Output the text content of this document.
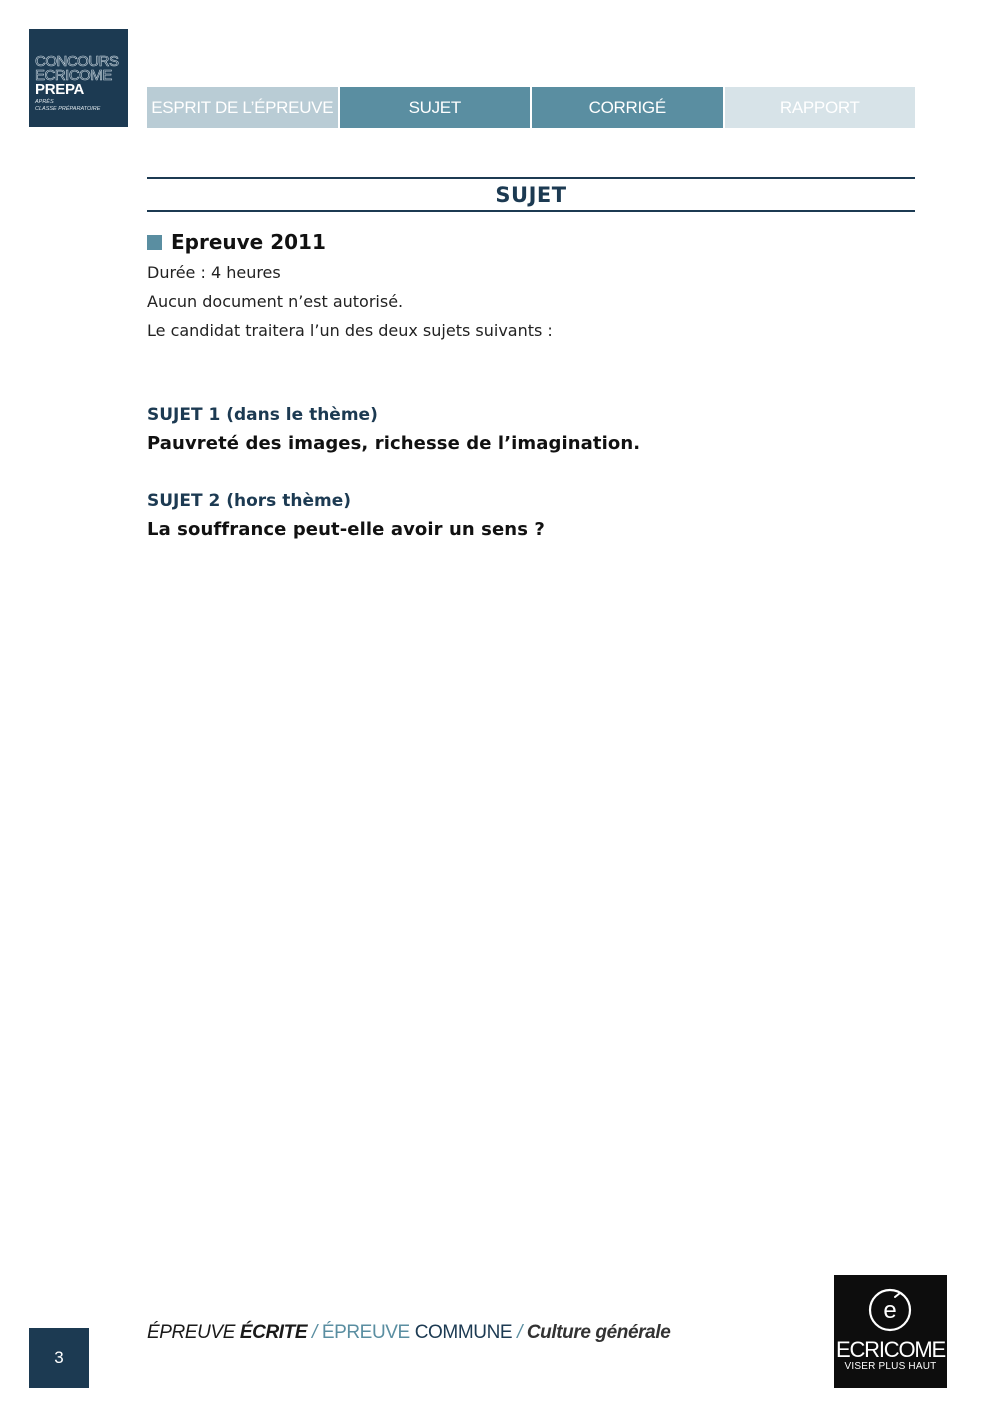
CONCOURS
ECRICOME
PREPA
APRÈS
CLASSE PRÉPARATOIRE	ESPRIT DE L’ÉPREUVE	SUJET	CORRIGÉ	RAPPORT
SUJET
Epreuve 2011
Durée : 4 heures
Aucun document n’est autorisé.
Le candidat traitera l’un des deux sujets suivants :
SUJET 1 (dans le thème)
Pauvreté des images, richesse de l’imagination.
SUJET 2 (hors thème)
La souffrance peut-elle avoir un sens ?
3
ÉPREUVE ÉCRITE / ÉPREUVE COMMUNE / Culture générale
e
ECRICOME
VISER PLUS HAUT
